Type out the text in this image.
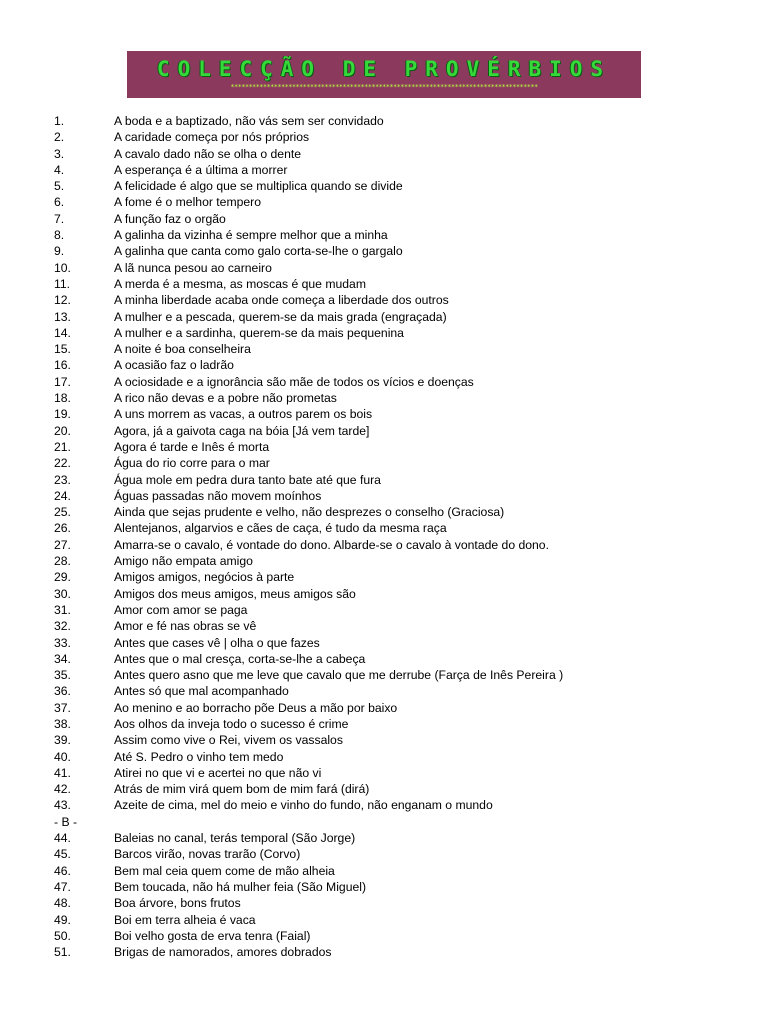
COLECÇÃO DE PROVÉRBIOS
*************************************************************************************
1.	A boda e a baptizado, não vás sem ser convidado
2.	A caridade começa por nós próprios
3.	A cavalo dado não se olha o dente
4.	A esperança é a última a morrer
5.	A felicidade é algo que se multiplica quando se divide
6.	A fome é o melhor tempero
7.	A função faz o orgão
8.	A galinha da vizinha é sempre melhor que a minha
9.	A galinha que canta como galo corta-se-lhe o gargalo
10.	A lã nunca pesou ao carneiro
11.	A merda é a mesma, as moscas é que mudam
12.	A minha liberdade acaba onde começa a liberdade dos outros
13.	A mulher e a pescada, querem-se da mais grada (engraçada)
14.	A mulher e a sardinha, querem-se da mais pequenina
15.	A noite é boa conselheira
16.	A ocasião faz o ladrão
17.	A ociosidade e a ignorância são mãe de todos os vícios e doenças
18.	A rico não devas e a pobre não prometas
19.	A uns morrem as vacas, a outros parem os bois
20.	Agora, já a gaivota caga na bóia [Já vem tarde]
21.	Agora é tarde e Inês é morta
22.	Água do rio corre para o mar
23.	Água mole em pedra dura tanto bate até que fura
24.	Águas passadas não movem moínhos
25.	Ainda que sejas prudente e velho, não desprezes o conselho (Graciosa)
26.	Alentejanos, algarvios e cães de caça, é tudo da mesma raça
27.	Amarra-se o cavalo, é vontade do dono. Albarde-se o cavalo à vontade do dono.
28.	Amigo não empata amigo
29.	Amigos amigos, negócios à parte
30.	Amigos dos meus amigos, meus amigos são
31.	Amor com amor se paga
32.	Amor e fé nas obras se vê
33.	Antes que cases vê | olha o que fazes
34.	Antes que o mal cresça, corta-se-lhe a cabeça
35.	Antes quero asno que me leve que cavalo que me derrube (Farça de Inês Pereira )
36.	Antes só que mal acompanhado
37.	Ao menino e ao borracho põe Deus a mão por baixo
38.	Aos olhos da inveja todo o sucesso é crime
39.	Assim como vive o Rei, vivem os vassalos
40.	Até S. Pedro o vinho tem medo
41.	Atirei no que vi e acertei no que não vi
42.	Atrás de mim virá quem bom de mim fará (dirá)
43.	Azeite de cima, mel do meio e vinho do fundo, não enganam o mundo
- B -
44.	Baleias no canal, terás temporal (São Jorge)
45.	Barcos virão, novas trarão (Corvo)
46.	Bem mal ceia quem come de mão alheia
47.	Bem toucada, não há mulher feia (São Miguel)
48.	Boa árvore, bons frutos
49.	Boi em terra alheia é vaca
50.	Boi velho gosta de erva tenra (Faial)
51.	Brigas de namorados, amores dobrados
